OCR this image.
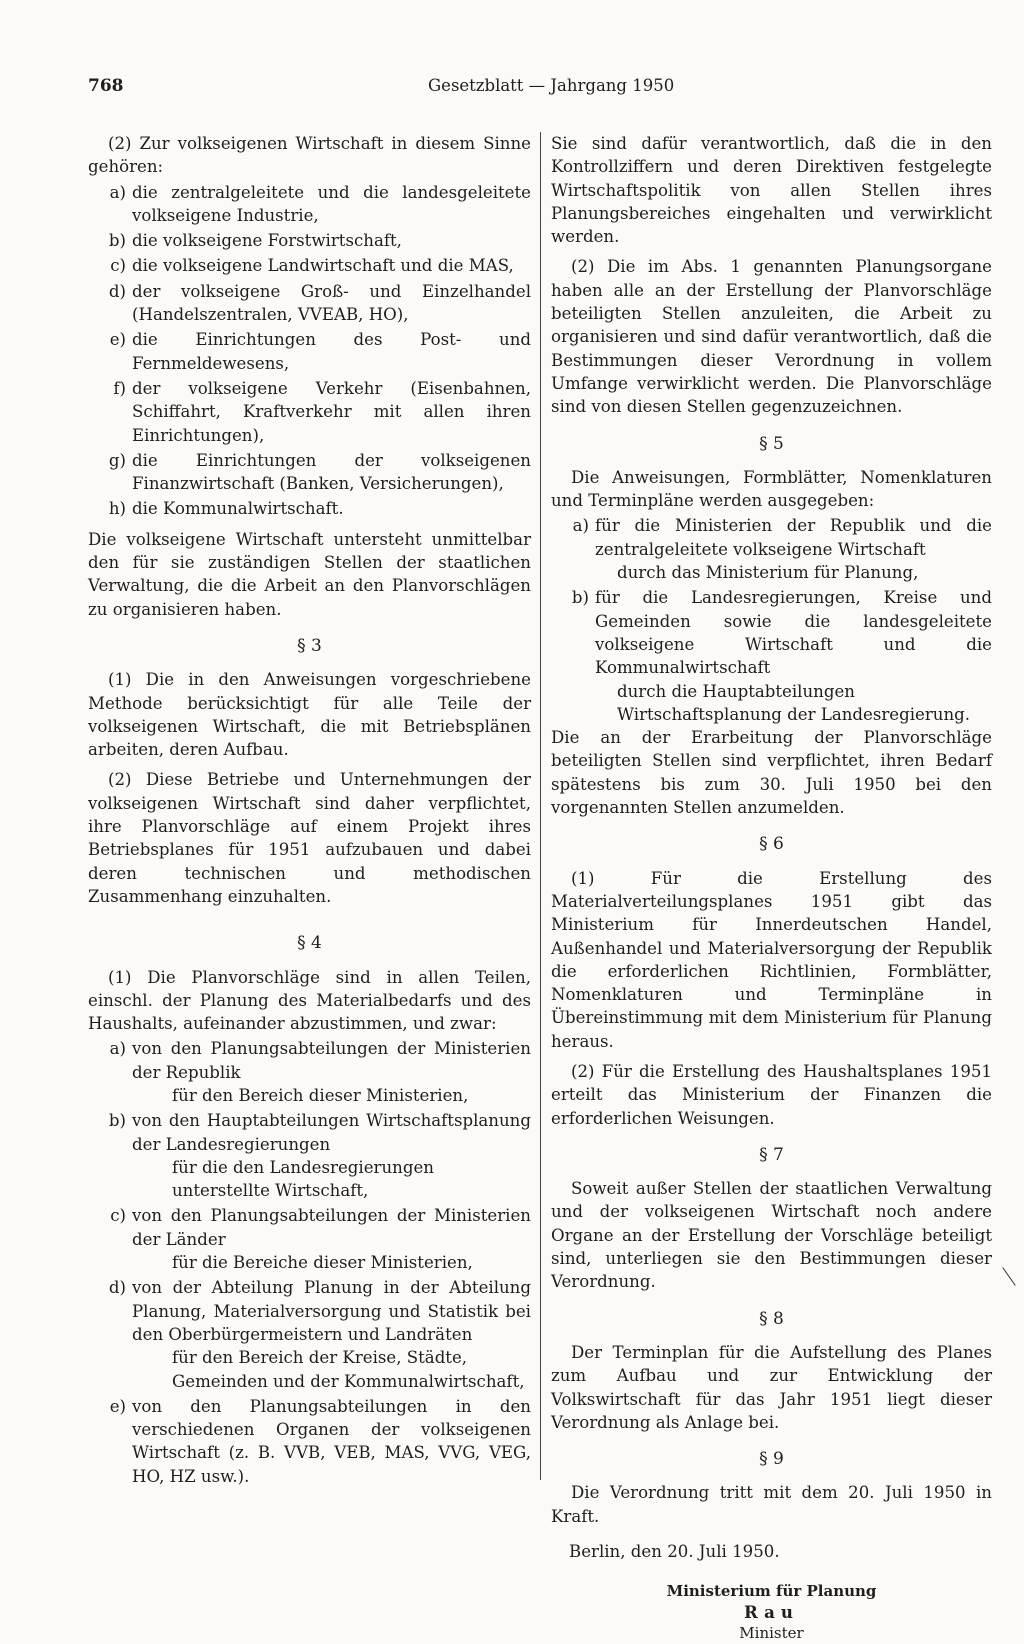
768	Gesetzblatt — Jahrgang 1950

(2) Zur volkseigenen Wirtschaft in diesem Sinne gehören:

a) die zentralgeleitete und die landesgeleitete volkseigene Industrie,
b) die volkseigene Forstwirtschaft,
c) die volkseigene Landwirtschaft und die MAS,
d) der volkseigene Groß- und Einzelhandel (Handelszentralen, VVEAB, HO),
e) die Einrichtungen des Post- und Fernmeldewesens,
f) der volkseigene Verkehr (Eisenbahnen, Schiffahrt, Kraftverkehr mit allen ihren Einrichtungen),
g) die Einrichtungen der volkseigenen Finanzwirtschaft (Banken, Versicherungen),
h) die Kommunalwirtschaft.

Die volkseigene Wirtschaft untersteht unmittelbar den für sie zuständigen Stellen der staatlichen Verwaltung, die die Arbeit an den Planvorschlägen zu organisieren haben.

§ 3

(1) Die in den Anweisungen vorgeschriebene Methode berücksichtigt für alle Teile der volkseigenen Wirtschaft, die mit Betriebsplänen arbeiten, deren Aufbau.

(2) Diese Betriebe und Unternehmungen der volkseigenen Wirtschaft sind daher verpflichtet, ihre Planvorschläge auf einem Projekt ihres Betriebsplanes für 1951 aufzubauen und dabei deren technischen und methodischen Zusammenhang einzuhalten.

§ 4

(1) Die Planvorschläge sind in allen Teilen, einschl. der Planung des Materialbedarfs und des Haushalts, aufeinander abzustimmen, und zwar:

a) von den Planungsabteilungen der Ministerien der Republik

für den Bereich dieser Ministerien,

b) von den Hauptabteilungen Wirtschaftsplanung der Landesregierungen

für die den Landesregierungen unterstellte Wirtschaft,

c) von den Planungsabteilungen der Ministerien der Länder

für die Bereiche dieser Ministerien,

d) von der Abteilung Planung in der Abteilung Planung, Materialversorgung und Statistik bei den Oberbürgermeistern und Landräten

für den Bereich der Kreise, Städte, Gemeinden und der Kommunalwirtschaft,

e) von den Planungsabteilungen in den verschiedenen Organen der volkseigenen Wirtschaft (z. B. VVB, VEB, MAS, VVG, VEG, HO, HZ usw.).

Sie sind dafür verantwortlich, daß die in den Kontrollziffern und deren Direktiven festgelegte Wirtschaftspolitik von allen Stellen ihres Planungsbereiches eingehalten und verwirklicht werden.

(2) Die im Abs. 1 genannten Planungsorgane haben alle an der Erstellung der Planvorschläge beteiligten Stellen anzuleiten, die Arbeit zu organisieren und sind dafür verantwortlich, daß die Bestimmungen dieser Verordnung in vollem Umfange verwirklicht werden. Die Planvorschläge sind von diesen Stellen gegenzuzeichnen.

§ 5

Die Anweisungen, Formblätter, Nomenklaturen und Terminpläne werden ausgegeben:

a) für die Ministerien der Republik und die zentralgeleitete volkseigene Wirtschaft

durch das Ministerium für Planung,

b) für die Landesregierungen, Kreise und Gemeinden sowie die landesgeleitete volkseigene Wirtschaft und die Kommunalwirtschaft

durch die Hauptabteilungen Wirtschaftsplanung der Landesregierung.

Die an der Erarbeitung der Planvorschläge beteiligten Stellen sind verpflichtet, ihren Bedarf spätestens bis zum 30. Juli 1950 bei den vorgenannten Stellen anzumelden.

§ 6

(1) Für die Erstellung des Materialverteilungsplanes 1951 gibt das Ministerium für Innerdeutschen Handel, Außenhandel und Materialversorgung der Republik die erforderlichen Richtlinien, Formblätter, Nomenklaturen und Terminpläne in Übereinstimmung mit dem Ministerium für Planung heraus.

(2) Für die Erstellung des Haushaltsplanes 1951 erteilt das Ministerium der Finanzen die erforderlichen Weisungen.

§ 7

Soweit außer Stellen der staatlichen Verwaltung und der volkseigenen Wirtschaft noch andere Organe an der Erstellung der Vorschläge beteiligt sind, unterliegen sie den Bestimmungen dieser Verordnung.

§ 8

Der Terminplan für die Aufstellung des Planes zum Aufbau und zur Entwicklung der Volkswirtschaft für das Jahr 1951 liegt dieser Verordnung als Anlage bei.

§ 9

Die Verordnung tritt mit dem 20. Juli 1950 in Kraft.

Berlin, den 20. Juli 1950.

Ministerium für Planung
Rau
Minister
